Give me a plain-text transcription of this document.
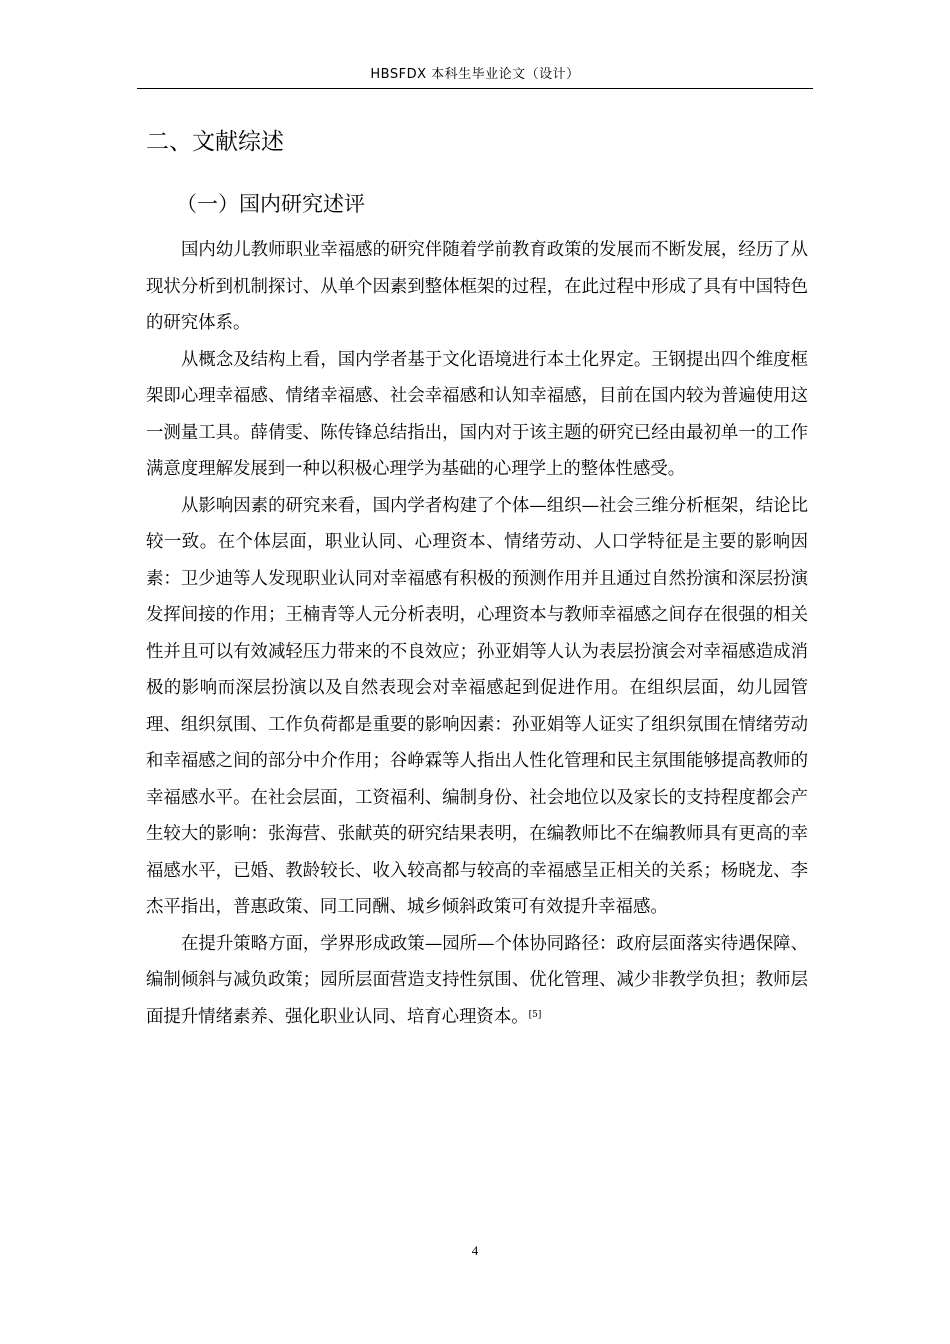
HBSFDX 本科生毕业论文（设计）
二、文献综述
（一）国内研究述评

国内幼儿教师职业幸福感的研究伴随着学前教育政策的发展而不断发展，经历了从现状分析到机制探讨、从单个因素到整体框架的过程，在此过程中形成了具有中国特色的研究体系。

从概念及结构上看，国内学者基于文化语境进行本土化界定。王钢提出四个维度框架即心理幸福感、情绪幸福感、社会幸福感和认知幸福感，目前在国内较为普遍使用这一测量工具。薛倩雯、陈传锋总结指出，国内对于该主题的研究已经由最初单一的工作满意度理解发展到一种以积极心理学为基础的心理学上的整体性感受。

从影响因素的研究来看，国内学者构建了个体—组织—社会三维分析框架，结论比较一致。在个体层面，职业认同、心理资本、情绪劳动、人口学特征是主要的影响因素：卫少迪等人发现职业认同对幸福感有积极的预测作用并且通过自然扮演和深层扮演发挥间接的作用；王楠青等人元分析表明，心理资本与教师幸福感之间存在很强的相关性并且可以有效减轻压力带来的不良效应；孙亚娟等人认为表层扮演会对幸福感造成消极的影响而深层扮演以及自然表现会对幸福感起到促进作用。在组织层面，幼儿园管理、组织氛围、工作负荷都是重要的影响因素：孙亚娟等人证实了组织氛围在情绪劳动和幸福感之间的部分中介作用；谷峥霖等人指出人性化管理和民主氛围能够提高教师的幸福感水平。在社会层面，工资福利、编制身份、社会地位以及家长的支持程度都会产生较大的影响：张海营、张献英的研究结果表明，在编教师比不在编教师具有更高的幸福感水平，已婚、教龄较长、收入较高都与较高的幸福感呈正相关的关系；杨晓龙、李杰平指出，普惠政策、同工同酬、城乡倾斜政策可有效提升幸福感。

在提升策略方面，学界形成政策—园所—个体协同路径：政府层面落实待遇保障、编制倾斜与减负政策；园所层面营造支持性氛围、优化管理、减少非教学负担；教师层面提升情绪素养、强化职业认同、培育心理资本。[5]

4
